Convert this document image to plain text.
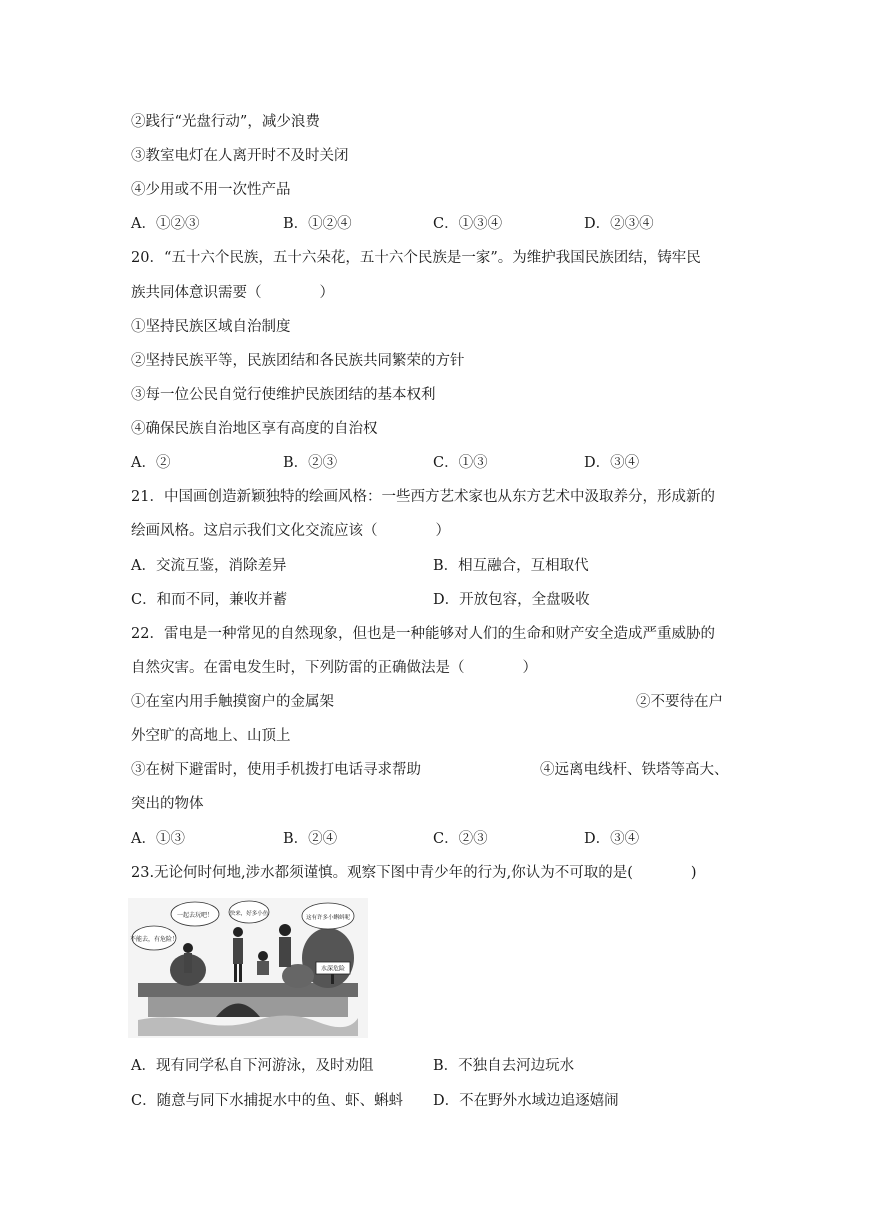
②践行“光盘行动”，减少浪费
③教室电灯在人离开时不及时关闭
④少用或不用一次性产品
A．①②③	B．①②④	C．①③④	D．②③④
20．“五十六个民族，五十六朵花，五十六个民族是一家”。为维护我国民族团结，铸牢民
族共同体意识需要（　　　　）
①坚持民族区域自治制度
②坚持民族平等，民族团结和各民族共同繁荣的方针
③每一位公民自觉行使维护民族团结的基本权利
④确保民族自治地区享有高度的自治权
A．②	B．②③	C．①③	D．③④
21．中国画创造新颖独特的绘画风格：一些西方艺术家也从东方艺术中汲取养分，形成新的
绘画风格。这启示我们文化交流应该（　　　　）
A．交流互鉴，消除差异	B．相互融合，互相取代
C．和而不同，兼收并蓄	D．开放包容，全盘吸收
22．雷电是一种常见的自然现象，但也是一种能够对人们的生命和财产安全造成严重威胁的
自然灾害。在雷电发生时，下列防雷的正确做法是（　　　　）
①在室内用手触摸窗户的金属架	②不要待在户
外空旷的高地上、山顶上
③在树下避雷时，使用手机拨打电话寻求帮助	④远离电线杆、铁塔等高大、
突出的物体
A．①③	B．②④	C．②③	D．③④
23.无论何时何地,涉水都须谨慎。观察下图中青少年的行为,你认为不可取的是(　　　　)
不能去，有危险！
一起去玩吧！	快来，好多小鱼
这有许多小蝌蚪呢
水深危险
A．现有同学私自下河游泳，及时劝阻	B．不独自去河边玩水
C．随意与同下水捕捉水中的鱼、虾、蝌蚪 D．不在野外水域边追逐嬉闹
